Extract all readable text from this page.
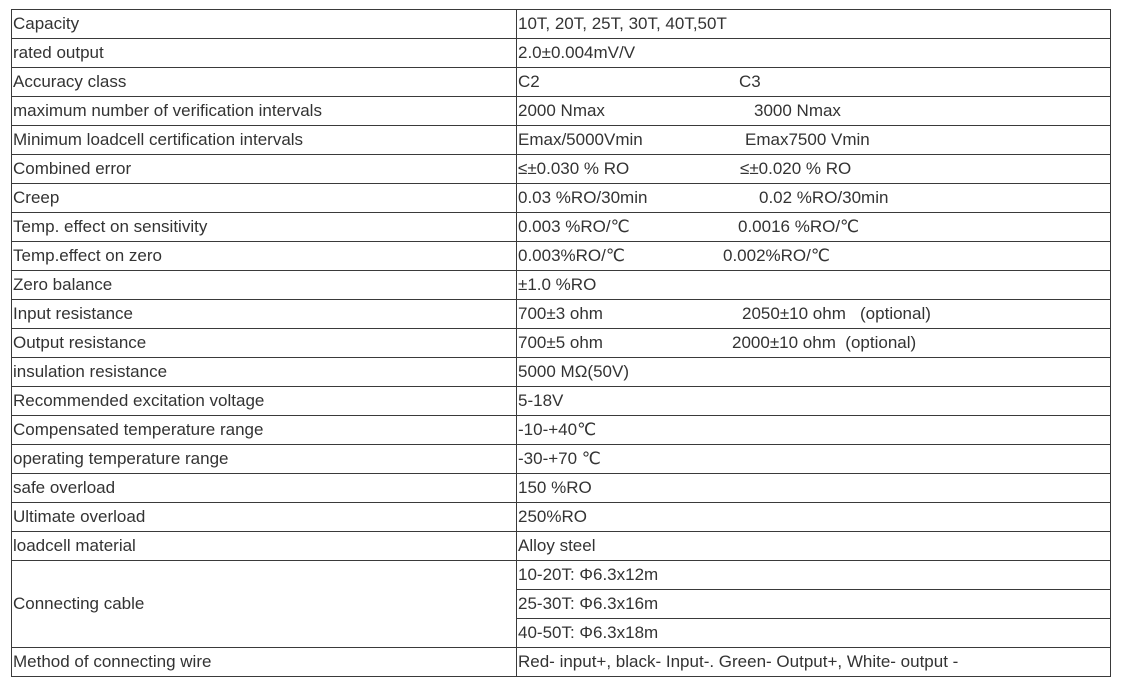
Capacity	10T, 20T, 25T, 30T, 40T,50T
rated output	2.0±0.004mV/V
Accuracy class	C2 C3
maximum number of verification intervals	2000 Nmax 3000 Nmax
Minimum loadcell certification intervals	Emax/5000Vmin Emax7500 Vmin
Combined error	≤±0.030 % RO ≤±0.020 % RO
Creep	0.03 %RO/30min 0.02 %RO/30min
Temp. effect on sensitivity	0.003 %RO/℃ 0.0016 %RO/℃
Temp.effect on zero	0.003%RO/℃ 0.002%RO/℃
Zero balance	±1.0 %RO
Input resistance	700±3 ohm 2050±10 ohm   (optional)
Output resistance	700±5 ohm 2000±10 ohm  (optional)
insulation resistance	5000 MΩ(50V)
Recommended excitation voltage	5-18V
Compensated temperature range	-10-+40℃
operating temperature range	-30-+70 ℃
safe overload	150 %RO
Ultimate overload	250%RO
loadcell material	Alloy steel
Connecting cable	10-20T: Φ6.3x12m
	25-30T: Φ6.3x16m
	40-50T: Φ6.3x18m
Method of connecting wire	Red- input+, black- Input-. Green- Output+, White- output -
